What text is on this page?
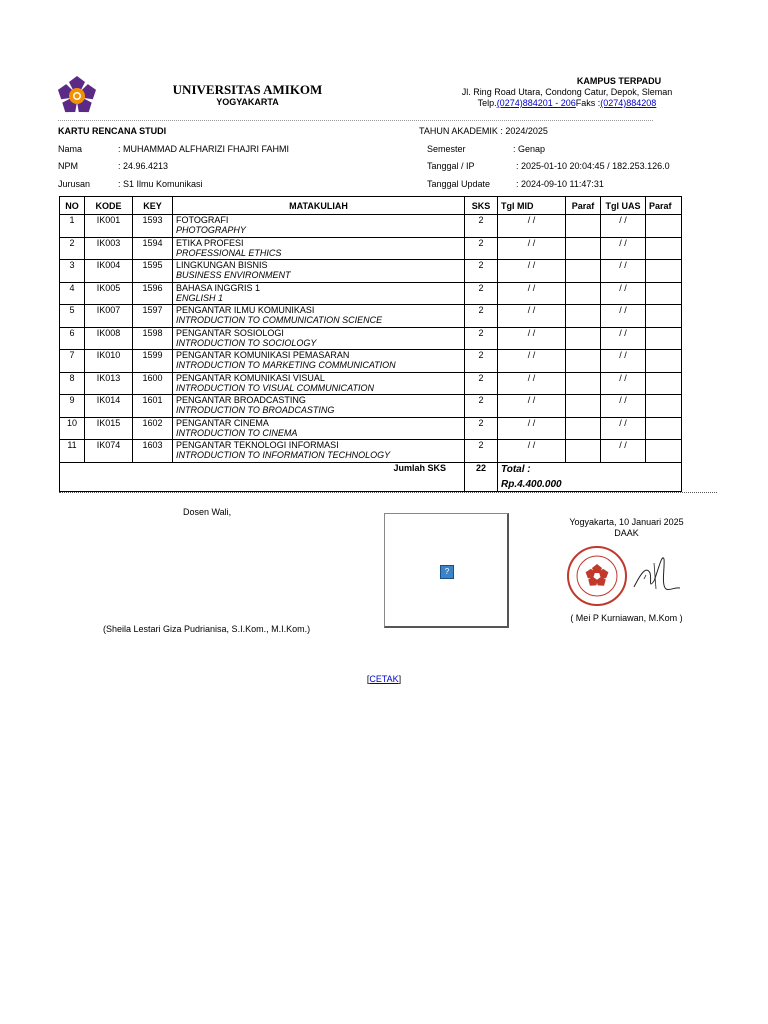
UNIVERSITAS AMIKOM
YOGYAKARTA
KAMPUS TERPADU
Jl. Ring Road Utara, Condong Catur, Depok, Sleman
Telp.(0274)884201 - 206Faks :(0274)884208
KARTU RENCANA STUDI	TAHUN AKADEMIK : 2024/2025
Nama	: MUHAMMAD ALFHARIZI FHAJRI FAHMI
NPM	: 24.96.4213
Jurusan	: S1 Ilmu Komunikasi
Semester	: Genap
Tanggal / IP	: 2025-01-10 20:04:45 / 182.253.126.0
Tanggal Update	: 2024-09-10 11:47:31
NO	KODE	KEY	MATAKULIAH	SKS	Tgl MID	Paraf	Tgl UAS	Paraf
1	IK001	1593	FOTOGRAFI
PHOTOGRAPHY	2	/ /		/ /	
2	IK003	1594	ETIKA PROFESI
PROFESSIONAL ETHICS	2	/ /		/ /	
3	IK004	1595	LINGKUNGAN BISNIS
BUSINESS ENVIRONMENT	2	/ /		/ /	
4	IK005	1596	BAHASA INGGRIS 1
ENGLISH 1	2	/ /		/ /	
5	IK007	1597	PENGANTAR ILMU KOMUNIKASI
INTRODUCTION TO COMMUNICATION SCIENCE	2	/ /		/ /	
6	IK008	1598	PENGANTAR SOSIOLOGI
INTRODUCTION TO SOCIOLOGY	2	/ /		/ /	
7	IK010	1599	PENGANTAR KOMUNIKASI PEMASARAN
INTRODUCTION TO MARKETING COMMUNICATION	2	/ /		/ /	
8	IK013	1600	PENGANTAR KOMUNIKASI VISUAL
INTRODUCTION TO VISUAL COMMUNICATION	2	/ /		/ /	
9	IK014	1601	PENGANTAR BROADCASTING
INTRODUCTION TO BROADCASTING	2	/ /		/ /	
10	IK015	1602	PENGANTAR CINEMA
INTRODUCTION TO CINEMA	2	/ /		/ /	
11	IK074	1603	PENGANTAR TEKNOLOGI INFORMASI
INTRODUCTION TO INFORMATION TECHNOLOGY	2	/ /		/ /	
Jumlah SKS				22	Total :
Rp.4.400.000			
Dosen Wali,
(Sheila Lestari Giza Pudrianisa, S.I.Kom., M.I.Kom.)
?
Yogyakarta, 10 Januari 2025
DAAK
( Mei P Kurniawan, M.Kom )
[CETAK]
